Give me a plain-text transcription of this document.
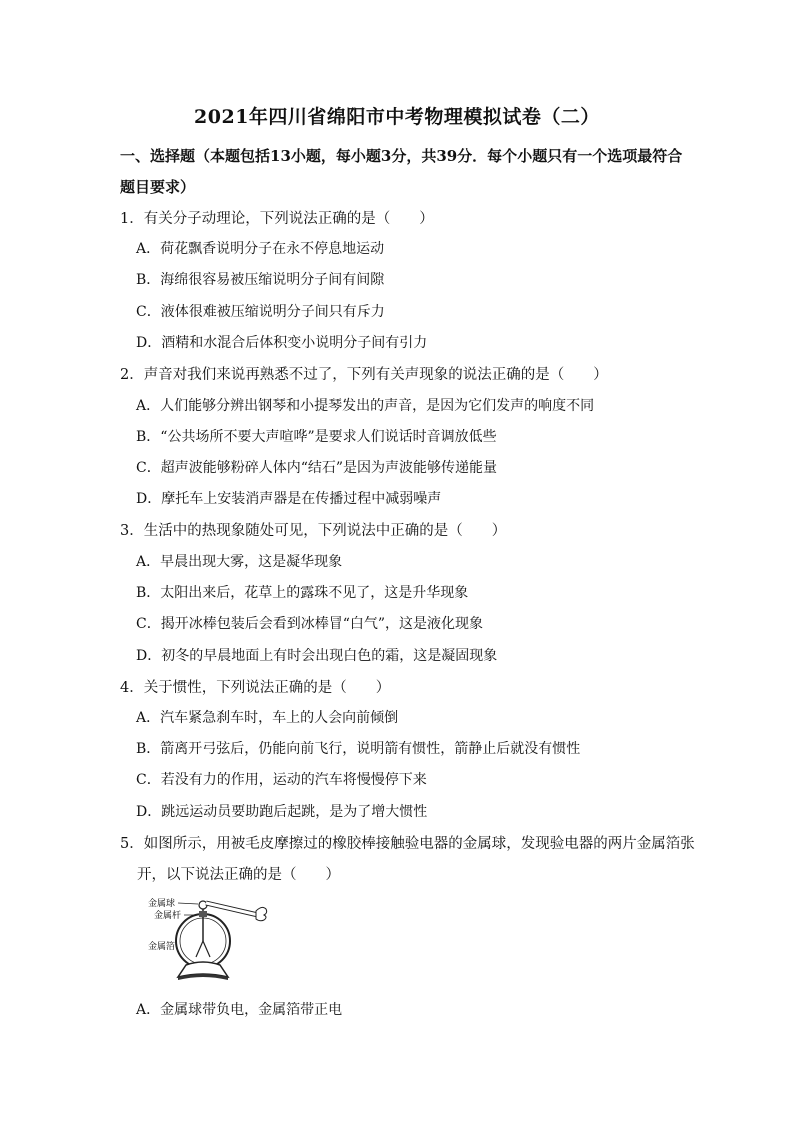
2021年四川省绵阳市中考物理模拟试卷（二）
一、选择题（本题包括13小题，每小题3分，共39分．每个小题只有一个选项最符合题目要求）
1．有关分子动理论，下列说法正确的是（　　）
A．荷花飘香说明分子在永不停息地运动
B．海绵很容易被压缩说明分子间有间隙
C．液体很难被压缩说明分子间只有斥力
D．酒精和水混合后体积变小说明分子间有引力
2．声音对我们来说再熟悉不过了，下列有关声现象的说法正确的是（　　）
A．人们能够分辨出钢琴和小提琴发出的声音，是因为它们发声的响度不同
B．“公共场所不要大声喧哗”是要求人们说话时音调放低些
C．超声波能够粉碎人体内“结石”是因为声波能够传递能量
D．摩托车上安装消声器是在传播过程中减弱噪声
3．生活中的热现象随处可见，下列说法中正确的是（　　）
A．早晨出现大雾，这是凝华现象
B．太阳出来后，花草上的露珠不见了，这是升华现象
C．揭开冰棒包装后会看到冰棒冒“白气”，这是液化现象
D．初冬的早晨地面上有时会出现白色的霜，这是凝固现象
4．关于惯性，下列说法正确的是（　　）
A．汽车紧急刹车时，车上的人会向前倾倒
B．箭离开弓弦后，仍能向前飞行，说明箭有惯性，箭静止后就没有惯性
C．若没有力的作用，运动的汽车将慢慢停下来
D．跳远运动员要助跑后起跳，是为了增大惯性
5．如图所示，用被毛皮摩擦过的橡胶棒接触验电器的金属球，发现验电器的两片金属箔张
开，以下说法正确的是（　　）
金属球
金属杆
金属箔
A．金属球带负电，金属箔带正电
